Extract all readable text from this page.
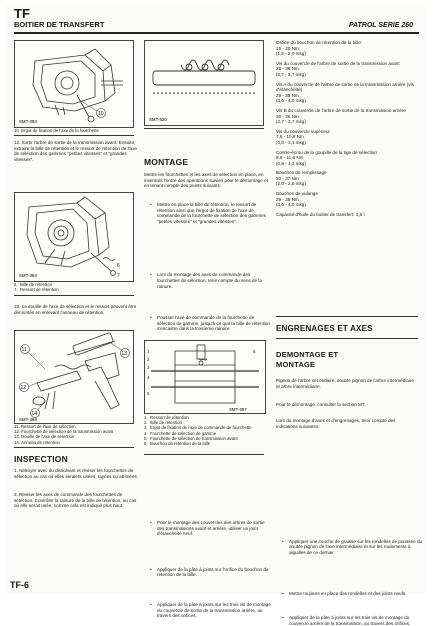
TF
BOITIER DE TRANSFERT	PATROL SERIE 260
10
SMT-393
10. Ergot de fixation de l'axe de la fourchette
12. Sortir l'arbre de sortie de la transmission avant. Ensuite, extraire la bille de rétention et le ressort de rétention de l'axe de sélection des gammes "petites vitesses" et "grandes vitesses".
6
7
SMT-394
6.  Bille de rétention
7.  Ressort de rétention
13. La douille de l'axe de sélection et le ressort peuvent être démontés en enlevant l'anneau de rétention.
11
12
13
14
SMT-398
11. Ressort de l'axe de sélection
12. Fourchette de sélection de la transmission avant
13. Douille de l'axe de sélection
14. Anneau de rétention
INSPECTION
1. Nettoyer avec du dissolvant et réviser les fourchettes de sélection au cas où elles seraient usées, rayées ou abîmées.
2. Réviser les axes de commande des fourchettes de sélection. Contrôler la rainure de la bille de rétention, au cas où elle serait usée, comme cela est indiqué plus haut.
SMT-520
MONTAGE
Mettre les fourchettes et les axes de sélection en place, en inversant l'ordre des opérations suivies pour le démontage et en tenant compte des points suivants:
• Mettre en place la bille de rétention, le ressort de rétention ainsi que l'ergot de fixation de l'axe de commande de la fourchette de sélection des gammes "petites vitesses" et "grandes vitesses".
• Lors du montage des axes de commande des fourchettes de sélection, tenir compte du sens de la rainure.
• Pousser l'axe de commande de la fourchette de sélection de gamme, jusqu'à ce que la bille de rétention s'encastre dans la troisième rainure.
1
2
3
4
5
6
SMT-397
1.  Ressort de rétention
2.  Bille de rétention
3.  Ergot de fixation de l'axe de commande de fourchette
4.  Fourchette de sélection de gamme
5.  Fourchette de sélection de transmission avant
6.  Bouchon de rétention de la bille
• Pour le montage des couvercles des arbres de sortie des transmissions avant et arrière, utiliser un joint d'étanchéité neuf.
• Appliquer de la pâte à joints sur l'orifice du bouchon de rétention de la bille.
• Appliquer de la pâte à joints sur les trois vis de montage du couvercle de sortie de la transmission arrière, au travers des orifices.
Orifice du bouchon de rétention de la bille:
15 - 20 Nm
(1,5 - 2,0 mkg)
Vis du couvercle de l'arbre de sortie de la transmission avant
26 - 36 Nm
(2,7 - 3,7 mkg)
Vis A du couvercle de l'arbre de sortie de la transmission arrière (vis d'étanchéité)
29 - 39 Nm
(3,0 - 4,0 mkg)
Vis B du couvercle de l'arbre de sortie de la transmission arrière
26 - 36 Nm
(2,7 - 3,7 mkg)
Vis du couvercle supérieur
7,8 - 10,8 Nm
(0,8 - 1,1 mkg)
Contre-écrou de la goupille de la tige de sélection
8,8 - 11,8 Nm
(0,9 - 1,2 mkg)
Bouchon de remplissage
20 - 27 Nm
(2,0 - 2,8 mkg)
Bouchon de vidange
29 - 39 Nm
(3,0 - 4,0 mkg)
Capacité d'huile du boitier de transfert: 1,5 l
ENGRENAGES ET AXES
DEMONTAGE ET MONTAGE
Pignon de l'arbre secondaire, double pignon de l'arbre intermédiaire et arbre intermédiaire.
Pour le démontage, consulter la section MT.
Lors du montage d'axes et d'engrenages, tenir compte des indications suivantes:
• Appliquer une couche de graisse sur les rondelles de poussée du double pignon de l'axe intermédiaire et sur les roulements à aiguilles de ce dernier.
• Mettre toujours en place des rondelles et des joints neufs.
• Appliquer de la pâte à joints sur les trois vis de montage du couvercle arrière de la transmission, au travers des orifices.
TF-6
